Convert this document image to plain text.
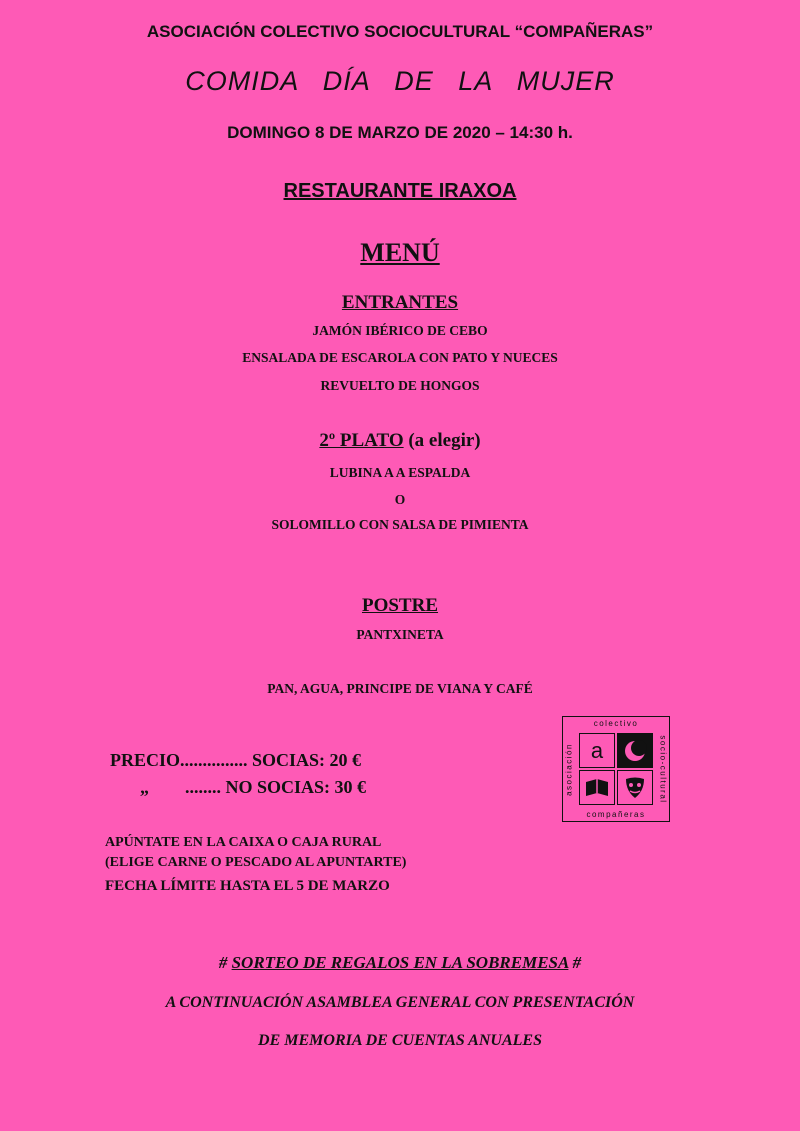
ASOCIACIÓN COLECTIVO SOCIOCULTURAL “COMPAÑERAS”
COMIDA DÍA DE LA MUJER
DOMINGO 8 DE MARZO DE 2020 – 14:30 h.
RESTAURANTE IRAXOA
MENÚ
ENTRANTES
JAMÓN IBÉRICO DE CEBO
ENSALADA DE ESCAROLA CON PATO Y NUECES
REVUELTO DE HONGOS
2º PLATO (a elegir)
LUBINA A A ESPALDA
O
SOLOMILLO CON SALSA DE PIMIENTA
POSTRE
PANTXINETA
PAN, AGUA, PRINCIPE DE VIANA Y CAFÉ
PRECIO............... SOCIAS: 20 €
„ ........ NO SOCIAS: 30 €
APÚNTATE EN LA CAIXA O CAJA RURAL
(ELIGE CARNE O PESCADO AL APUNTARTE)
FECHA LÍMITE HASTA EL 5 DE MARZO
# SORTEO DE REGALOS EN LA SOBREMESA #
A CONTINUACIÓN ASAMBLEA GENERAL CON PRESENTACIÓN
DE MEMORIA DE CUENTAS ANUALES
colectivo
asociación	socio-cultural
compañeras
a
